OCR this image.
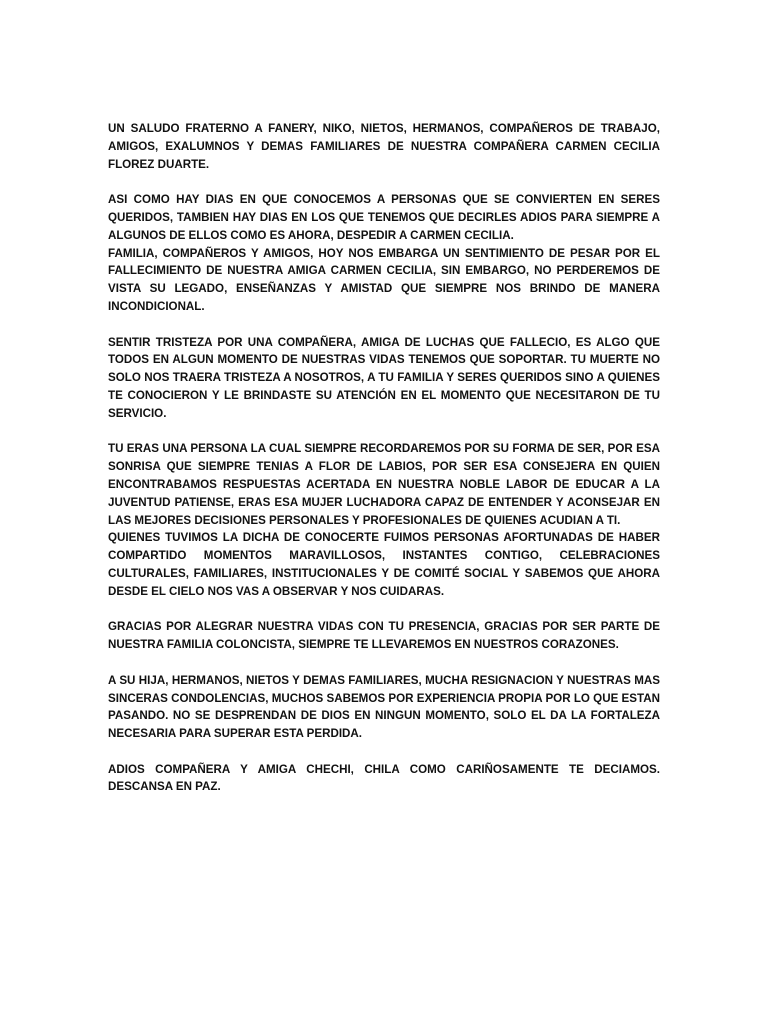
UN SALUDO FRATERNO A FANERY, NIKO, NIETOS, HERMANOS, COMPAÑEROS DE TRABAJO, AMIGOS, EXALUMNOS Y DEMAS FAMILIARES DE NUESTRA COMPAÑERA CARMEN CECILIA FLOREZ DUARTE.

ASI COMO HAY DIAS EN QUE CONOCEMOS A PERSONAS QUE SE CONVIERTEN EN SERES QUERIDOS, TAMBIEN HAY DIAS EN LOS QUE TENEMOS QUE DECIRLES ADIOS PARA SIEMPRE A ALGUNOS DE ELLOS COMO ES AHORA, DESPEDIR A CARMEN CECILIA.

FAMILIA, COMPAÑEROS Y AMIGOS, HOY NOS EMBARGA UN SENTIMIENTO DE PESAR POR EL FALLECIMIENTO DE NUESTRA AMIGA CARMEN CECILIA, SIN EMBARGO, NO PERDEREMOS DE VISTA SU LEGADO, ENSEÑANZAS Y AMISTAD QUE SIEMPRE NOS BRINDO DE MANERA INCONDICIONAL.

SENTIR TRISTEZA POR UNA COMPAÑERA, AMIGA DE LUCHAS QUE FALLECIO, ES ALGO QUE TODOS EN ALGUN MOMENTO DE NUESTRAS VIDAS TENEMOS QUE SOPORTAR. TU MUERTE NO SOLO NOS TRAERA TRISTEZA A NOSOTROS, A TU FAMILIA Y SERES QUERIDOS SINO A QUIENES TE CONOCIERON Y LE BRINDASTE SU ATENCIÓN EN EL MOMENTO QUE NECESITARON DE TU SERVICIO.

TU ERAS UNA PERSONA LA CUAL SIEMPRE RECORDAREMOS POR SU FORMA DE SER, POR ESA SONRISA QUE SIEMPRE TENIAS A FLOR DE LABIOS, POR SER ESA CONSEJERA EN QUIEN ENCONTRABAMOS RESPUESTAS ACERTADA EN NUESTRA NOBLE LABOR DE EDUCAR A LA JUVENTUD PATIENSE, ERAS ESA MUJER LUCHADORA CAPAZ DE ENTENDER Y ACONSEJAR EN LAS MEJORES DECISIONES PERSONALES Y PROFESIONALES DE QUIENES ACUDIAN A TI.

QUIENES TUVIMOS LA DICHA DE CONOCERTE FUIMOS PERSONAS AFORTUNADAS DE HABER COMPARTIDO MOMENTOS MARAVILLOSOS, INSTANTES CONTIGO, CELEBRACIONES CULTURALES, FAMILIARES, INSTITUCIONALES Y DE COMITÉ SOCIAL Y SABEMOS QUE AHORA DESDE EL CIELO NOS VAS A OBSERVAR Y NOS CUIDARAS.

GRACIAS POR ALEGRAR NUESTRA VIDAS CON TU PRESENCIA, GRACIAS POR SER PARTE DE NUESTRA FAMILIA COLONCISTA, SIEMPRE TE LLEVAREMOS EN NUESTROS CORAZONES.

A SU HIJA, HERMANOS, NIETOS Y DEMAS FAMILIARES, MUCHA RESIGNACION Y NUESTRAS MAS SINCERAS CONDOLENCIAS, MUCHOS SABEMOS POR EXPERIENCIA PROPIA POR LO QUE ESTAN PASANDO. NO SE DESPRENDAN DE DIOS EN NINGUN MOMENTO, SOLO EL DA LA FORTALEZA NECESARIA PARA SUPERAR ESTA PERDIDA.

ADIOS COMPAÑERA Y AMIGA CHECHI, CHILA COMO CARIÑOSAMENTE TE DECIAMOS. DESCANSA EN PAZ.
